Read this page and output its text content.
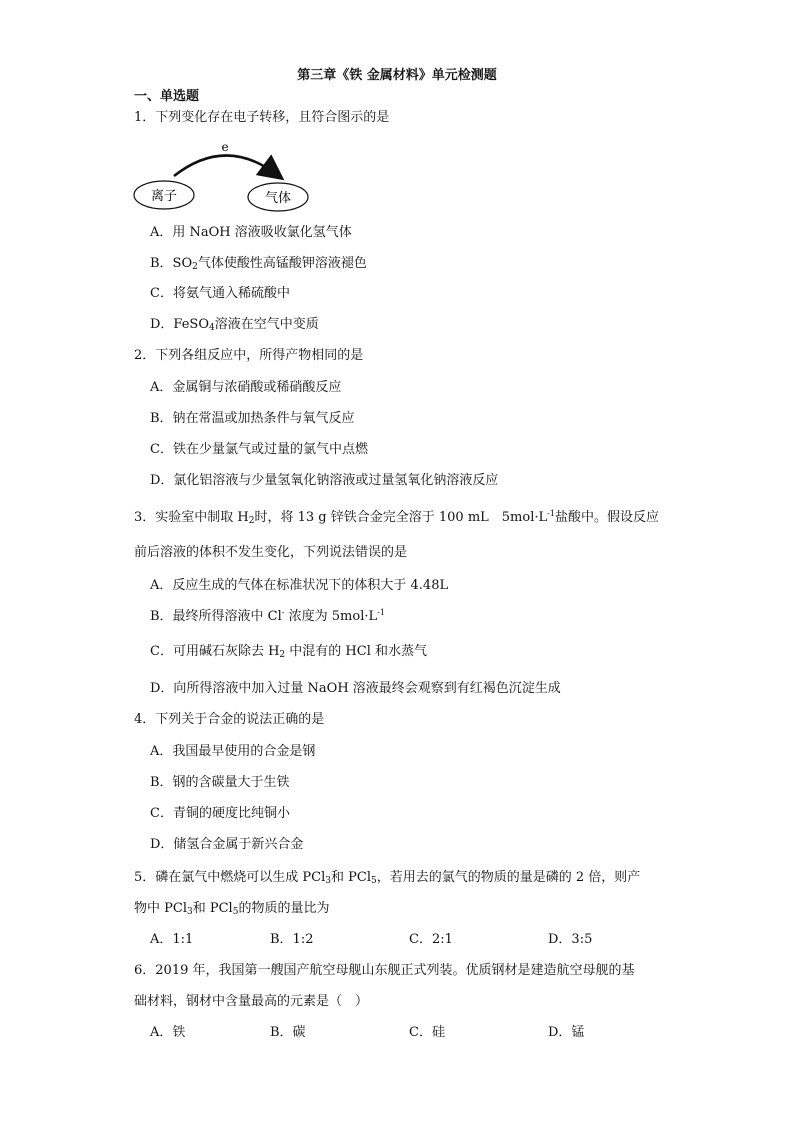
第三章《铁 金属材料》单元检测题
一、单选题
1．下列变化存在电子转移，且符合图示的是
e
离子	气体
A．用 NaOH 溶液吸收氯化氢气体
B．$SO_2$气体使酸性高锰酸钾溶液褪色
C．将氨气通入稀硫酸中
D．FeSO$_4$溶液在空气中变质
2．下列各组反应中，所得产物相同的是
A．金属铜与浓硝酸或稀硝酸反应
B．钠在常温或加热条件与氧气反应
C．铁在少量氯气或过量的氯气中点燃
D．氯化铝溶液与少量氢氧化钠溶液或过量氢氧化钠溶液反应
3．实验室中制取 $H_2$时，将 13 g 锌铁合金完全溶于 100 mL　$5mol\cdot L^{-1}$盐酸中。假设反应
前后溶液的体积不发生变化，下列说法错误的是
A．反应生成的气体在标准状况下的体积大于 4.48L
B．最终所得溶液中 Cl- 浓度为 $5mol\cdot L^{-1}$
C．可用碱石灰除去 $H_2$ 中混有的 HCl 和水蒸气
D．向所得溶液中加入过量 NaOH 溶液最终会观察到有红褐色沉淀生成
4．下列关于合金的说法正确的是
A．我国最早使用的合金是钢
B．钢的含碳量大于生铁
C．青铜的硬度比纯铜小
D．储氢合金属于新兴合金
5．磷在氯气中燃烧可以生成 PCl$_3$和 PCl$_5$，若用去的氯气的物质的量是磷的 2 倍，则产
物中 PCl$_3$和 PCl$_5$的物质的量比为
A．1:1	B．1:2	C．2:1	D．3:5
6．2019 年，我国第一艘国产航空母舰山东舰正式列装。优质钢材是建造航空母舰的基
础材料，钢材中含量最高的元素是（　）
A．铁	B．碳	C．硅	D．锰
